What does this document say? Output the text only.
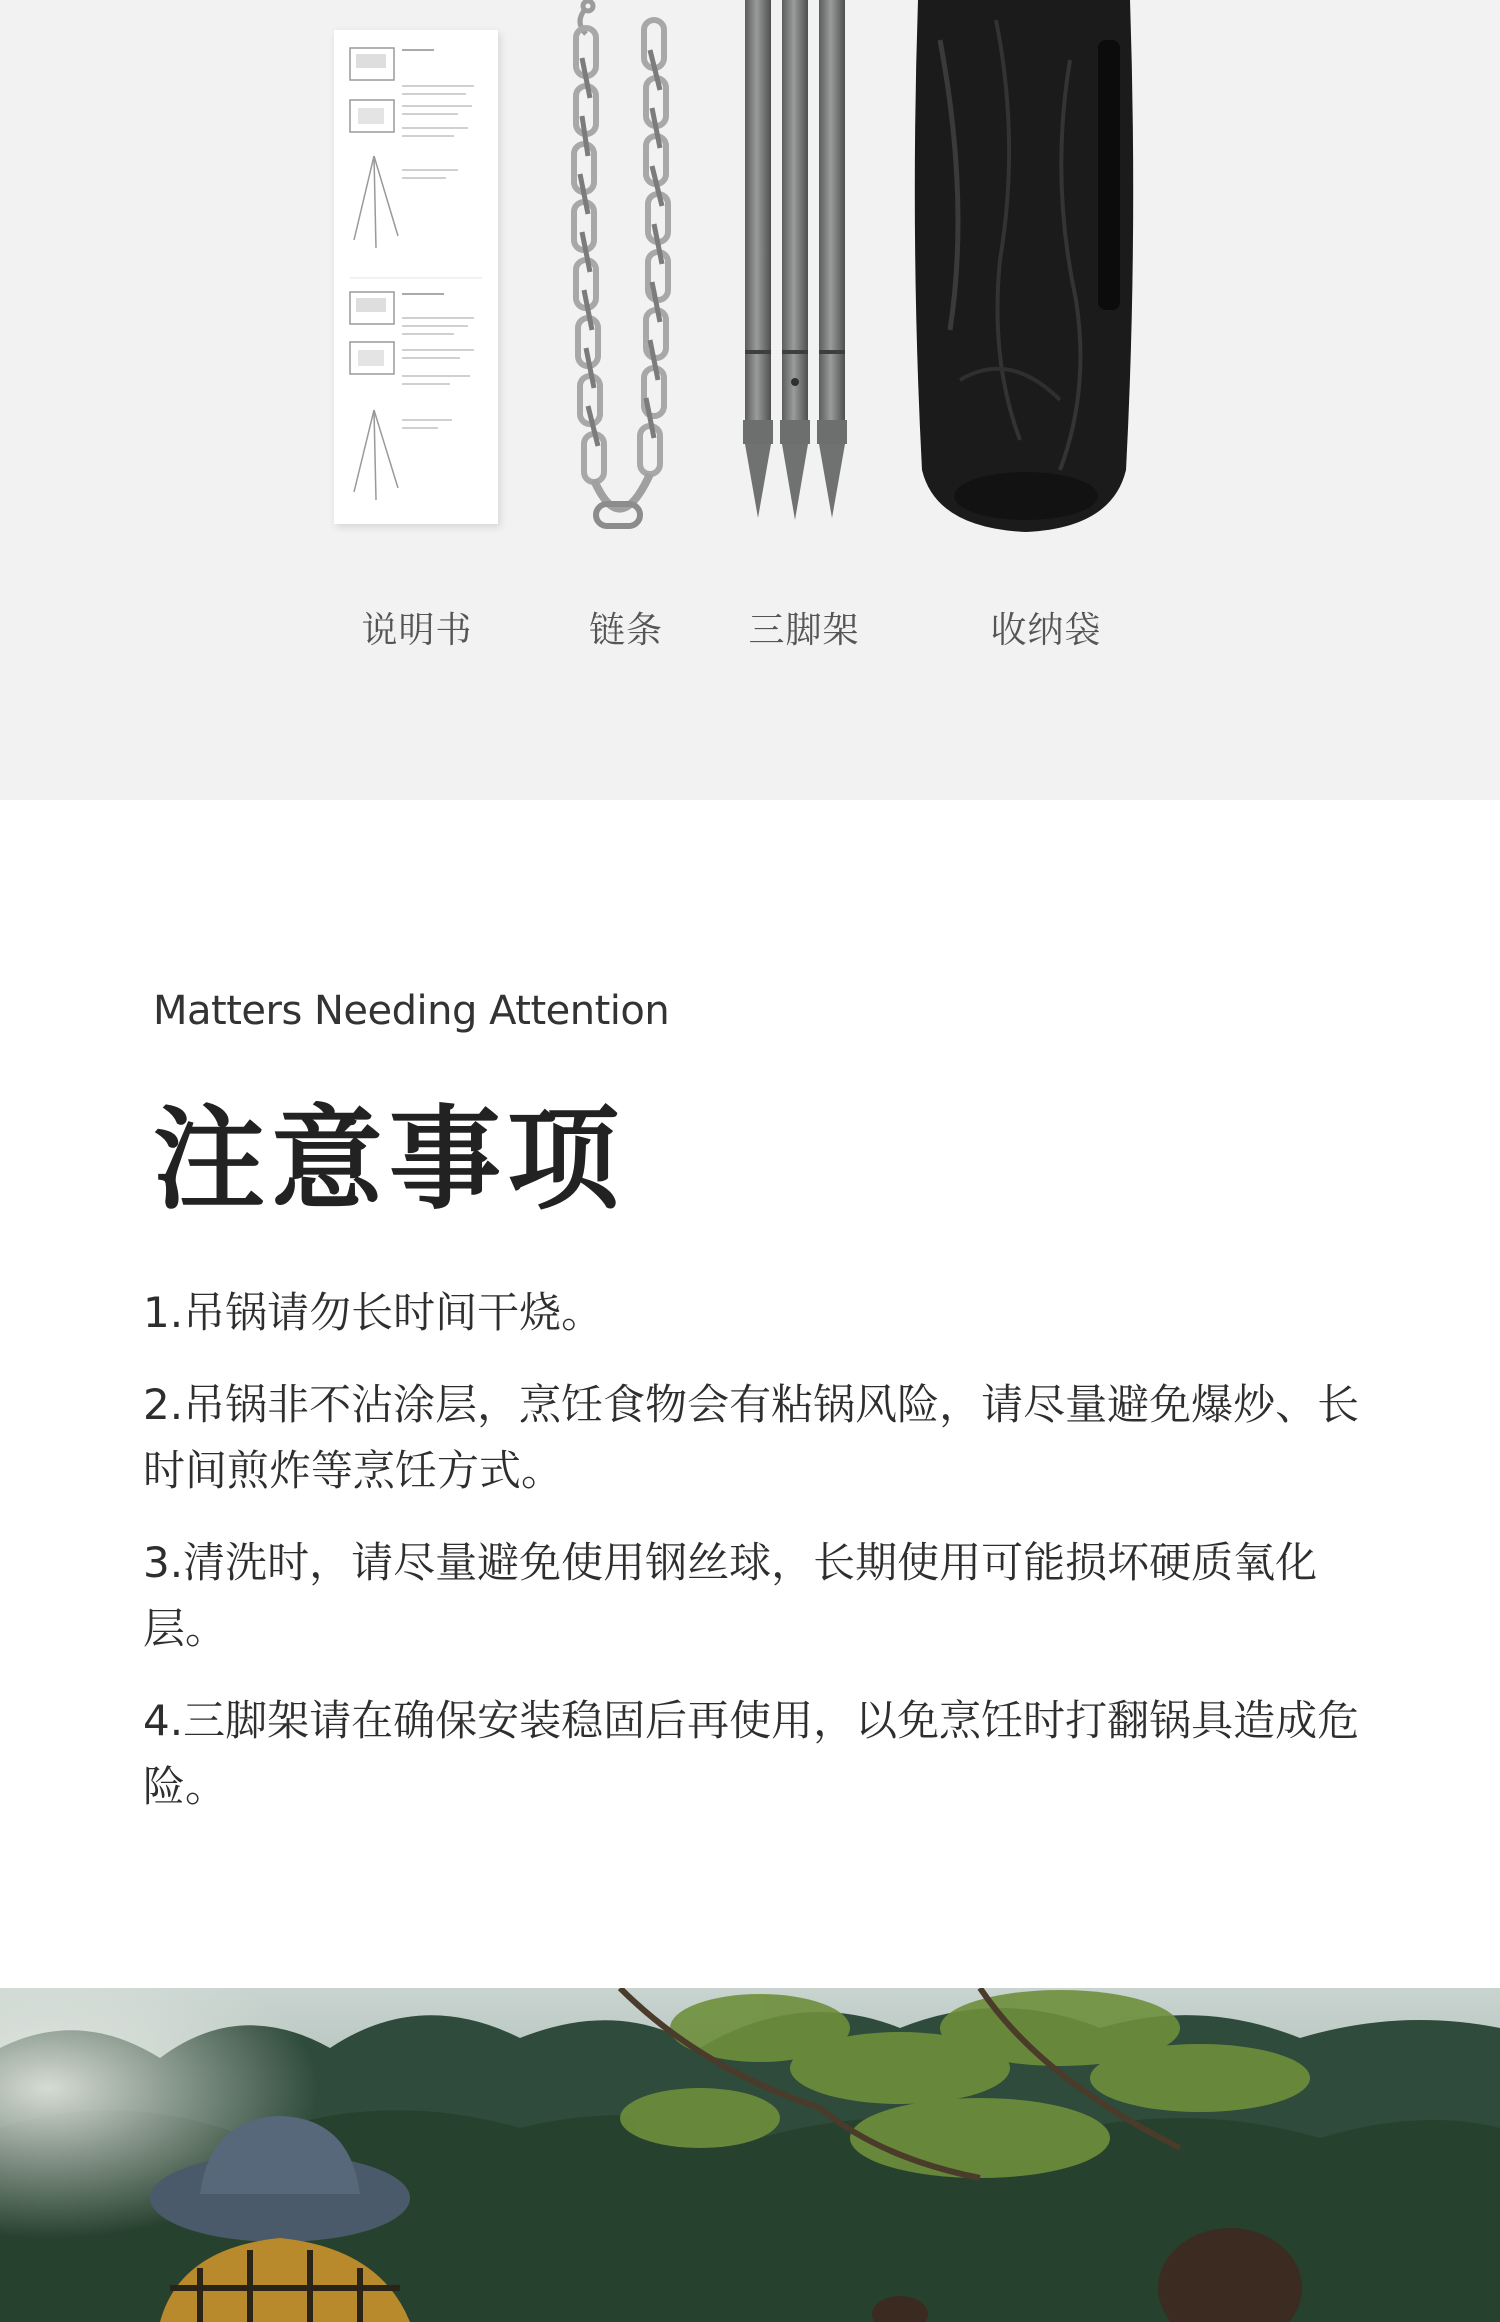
说明书	链条 三脚架	收纳袋
Matters Needing Attention
注意事项
1.吊锅请勿长时间干烧。
2.吊锅非不沾涂层，烹饪食物会有粘锅风险，请尽量避免爆炒、长时间煎炸等烹饪方式。
3.清洗时，请尽量避免使用钢丝球，长期使用可能损坏硬质氧化层。
4.三脚架请在确保安装稳固后再使用，以免烹饪时打翻锅具造成危险。
